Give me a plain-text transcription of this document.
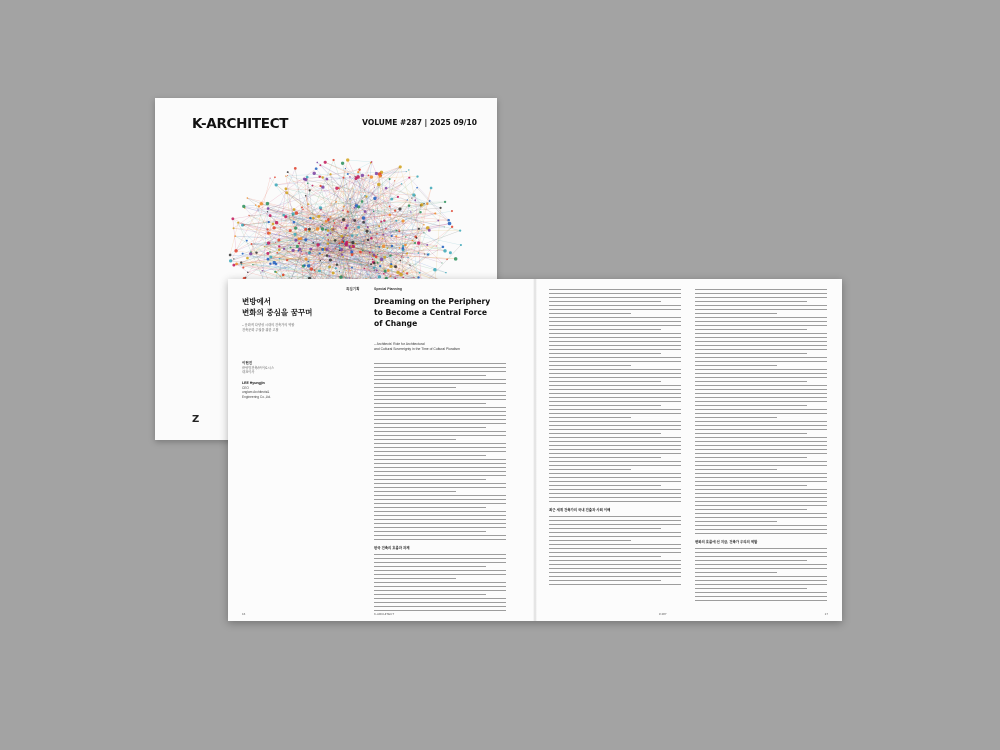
K-ARCHITECT	VOLUME #287 | 2025 09/10
Z
특집기획	Special Planning
변방에서
변화의 중심을 꿈꾸며
– 문화적 다양성 시대의 건축가의 역할
건축문화 주권을 위한 고찰
이현진
㈜엉망건축/㈜이로시스
대표이사
LEE Hyungjin
CEO
unglam Architects&
Engineering Co.,Ltd.
Dreaming on the Periphery
to Become a Central Force
of Change
– Architects' Role for Architectural
and Cultural Sovereignty in the Time of Cultural Pluralism
한국 건축의 흐름과 과제
16	K-ARCHITECT
최근 세계 건축가의 국내 진출과 사회 이해
변화의 흐름에 선 지금, 건축가 우리의 역할
# 287	17
